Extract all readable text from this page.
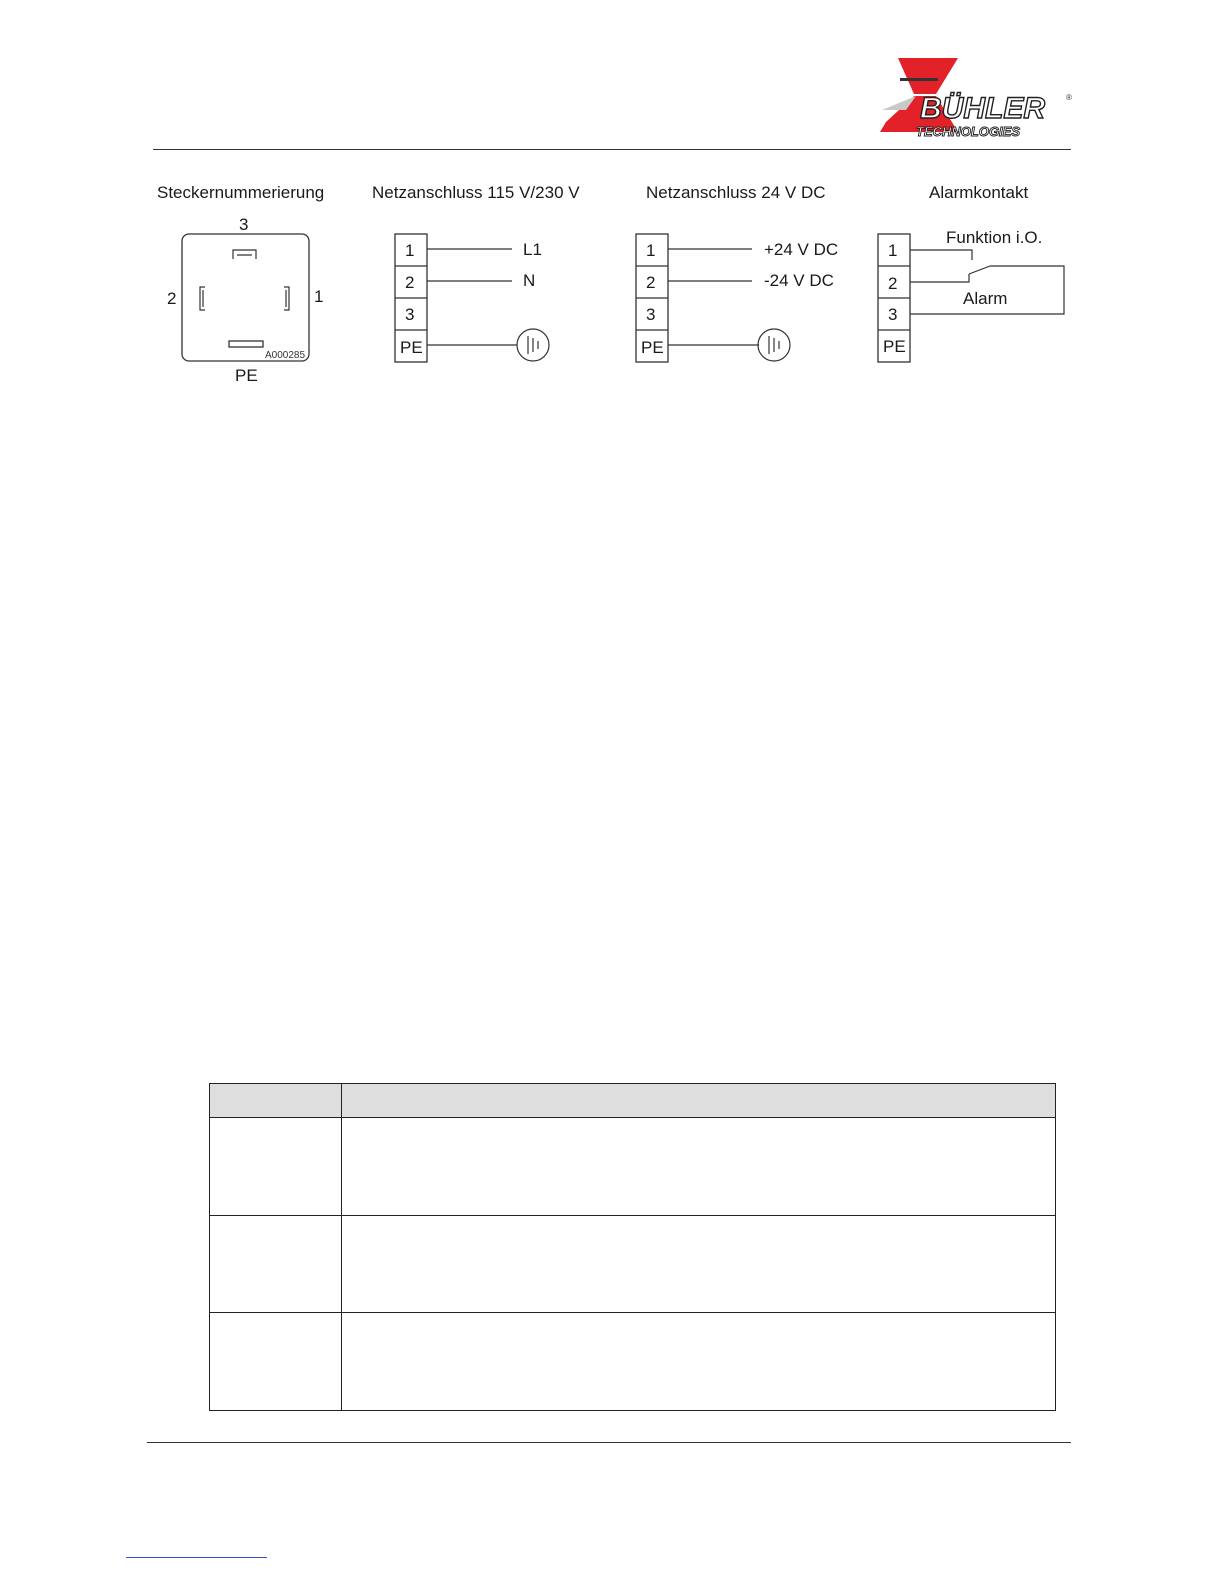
BÜHLER	®
TECHNOLOGIES
Steckernummerierung
3
2	1
PE
A000285
Netzanschluss 115 V/230 V
1
2
3
PE
L1
N
Netzanschluss 24 V DC
1
2
3
PE
+24 V DC
-24 V DC
Alarmkontakt
1
2
3
PE
Funktion i.O.
Alarm
